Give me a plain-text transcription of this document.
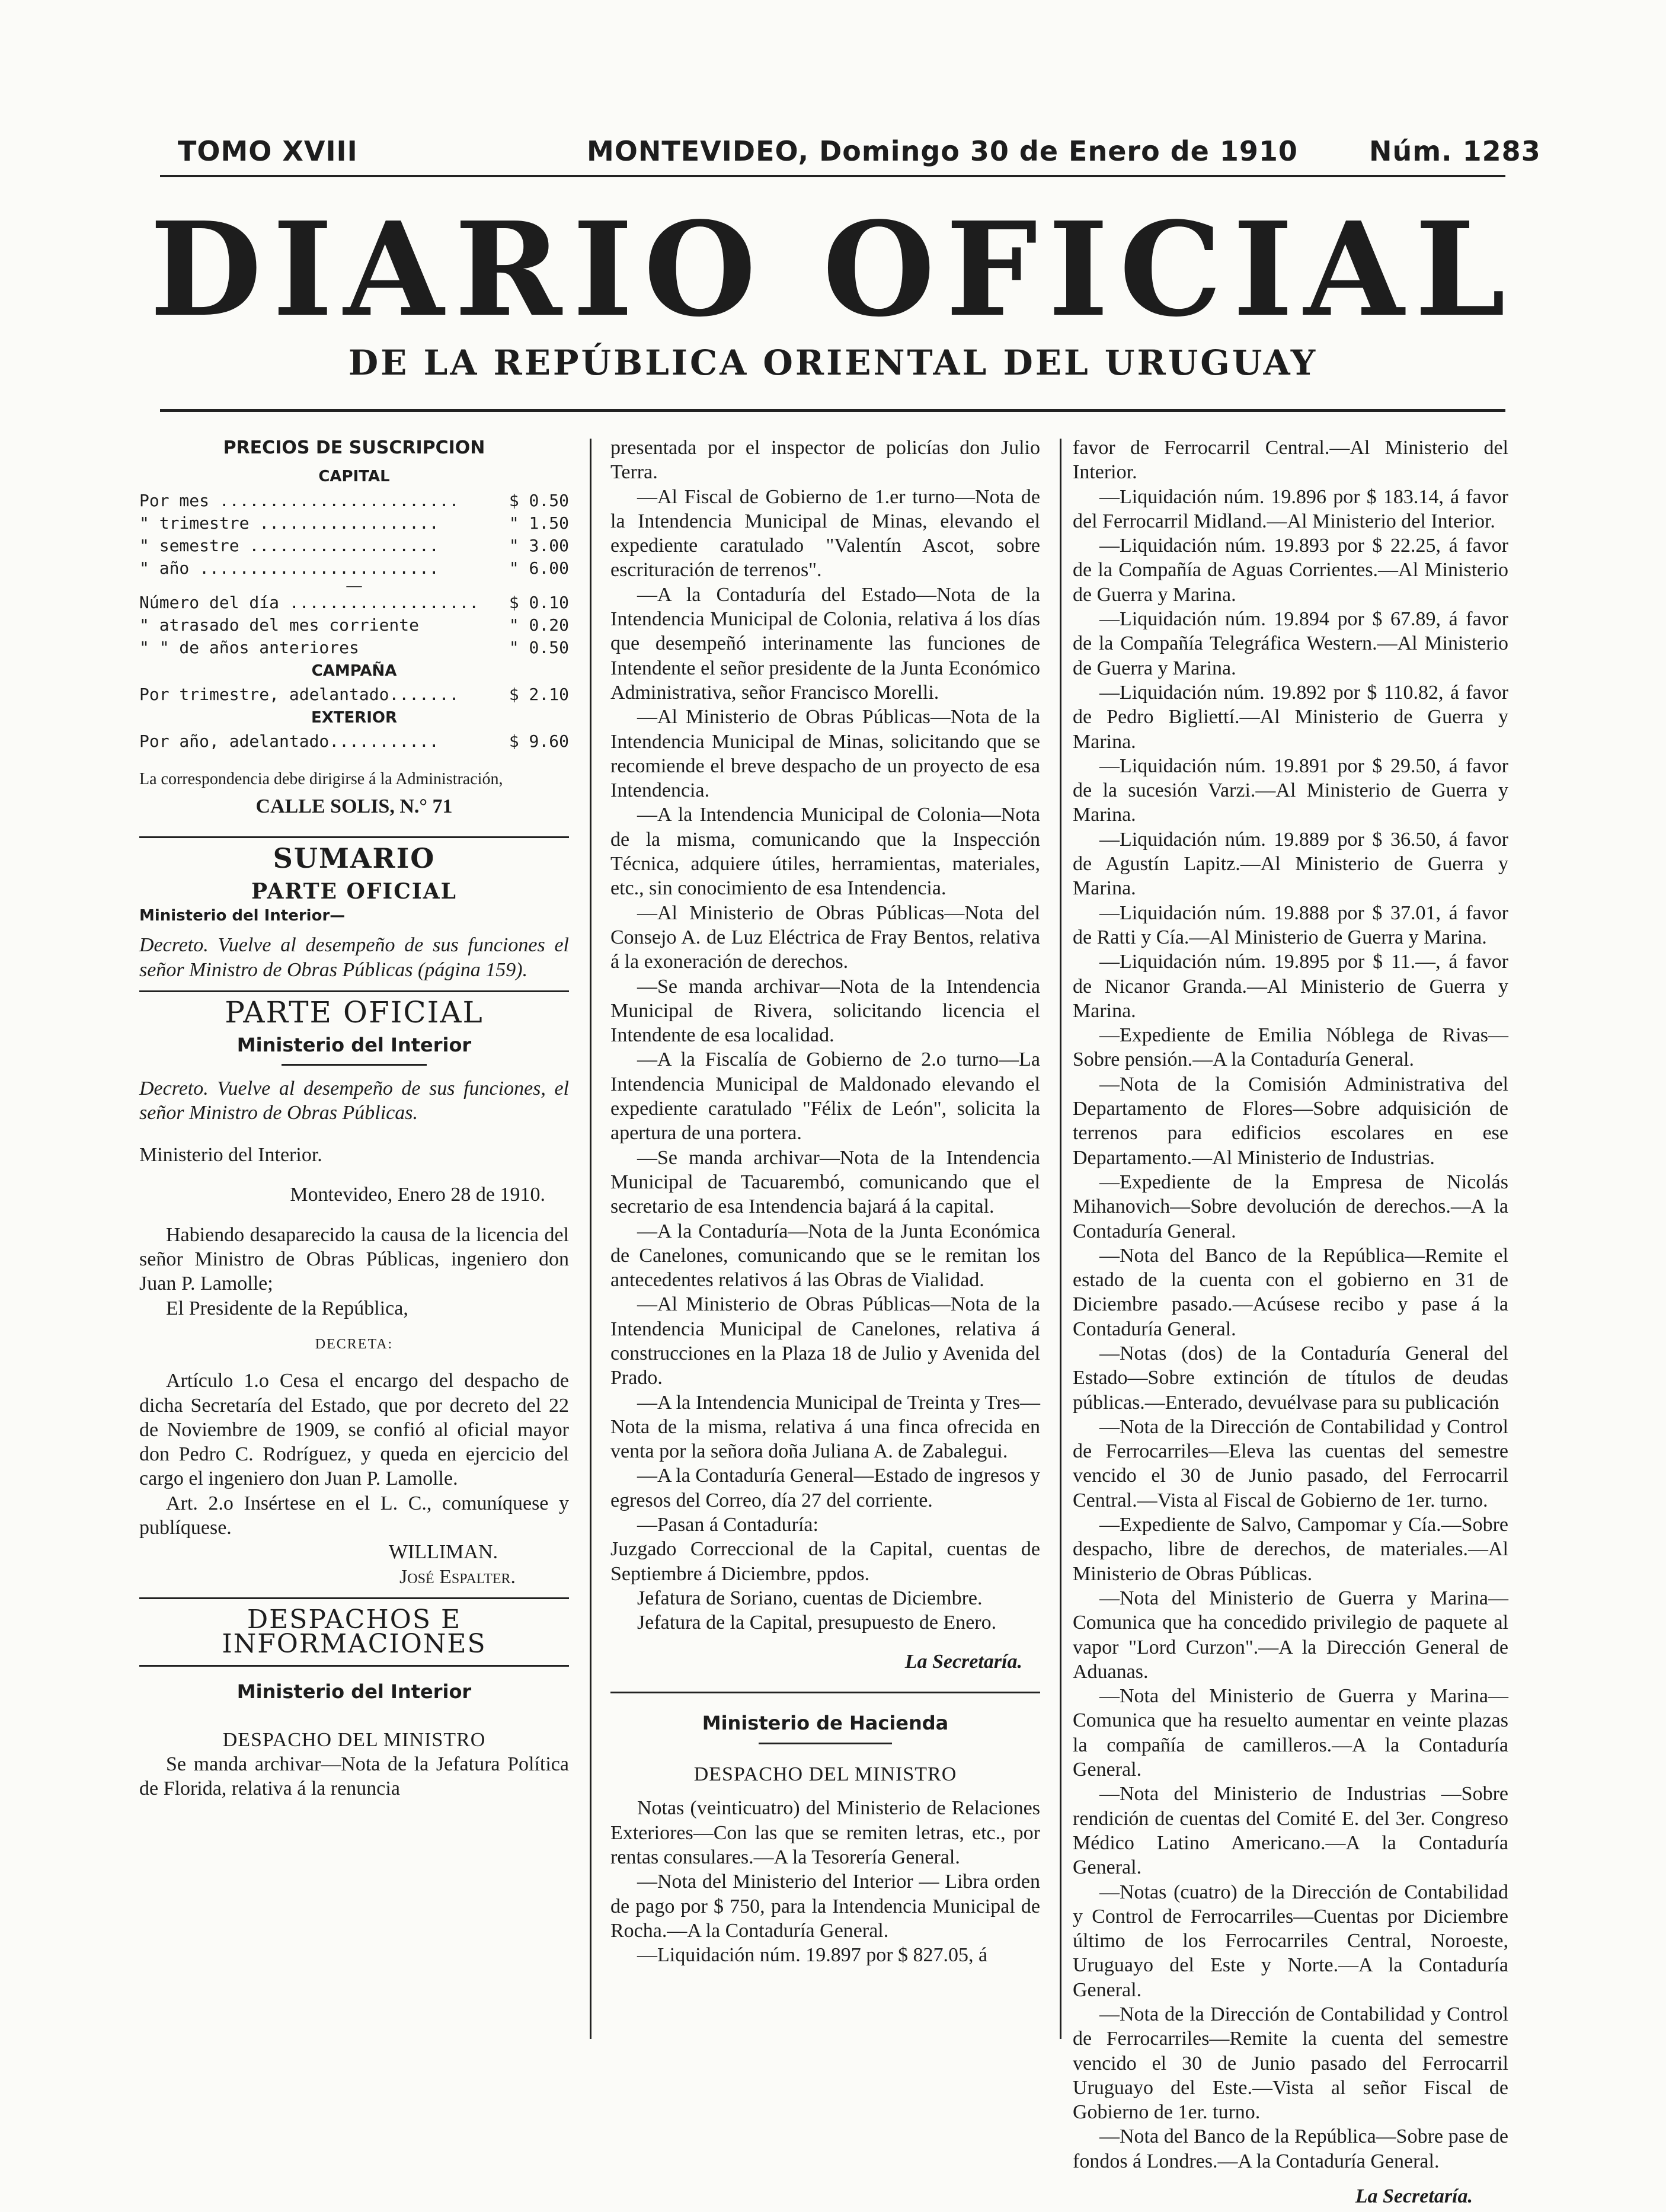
TOMO XVIII	MONTEVIDEO, Domingo 30 de Enero de 1910	Núm. 1283
DIARIO OFICIAL
DE LA REPÚBLICA ORIENTAL DEL URUGUAY
PRECIOS DE SUSCRIPCION
CAPITAL
Por mes ........................	$ 0.50
" trimestre ..................	" 1.50
" semestre ...................	" 3.00
" año ........................	" 6.00
—
Número del día ................... $ 0.10
" atrasado del mes corriente	" 0.20
" " de años anteriores	" 0.50
CAMPAÑA
Por trimestre, adelantado.......	$ 2.10
EXTERIOR
Por año, adelantado...........	$ 9.60

La correspondencia debe dirigirse á la Administración,

CALLE SOLIS, N.° 71
SUMARIO
PARTE OFICIAL
Ministerio del Interior—

Decreto. Vuelve al desempeño de sus funciones el señor Ministro de Obras Públicas (página 159).

PARTE OFICIAL
Ministerio del Interior

Decreto. Vuelve al desempeño de sus funciones, el señor Ministro de Obras Públicas.

Ministerio del Interior.

Montevideo, Enero 28 de 1910.

Habiendo desaparecido la causa de la licencia del señor Ministro de Obras Públicas, ingeniero don Juan P. Lamolle;

El Presidente de la República,

DECRETA:

Artículo 1.o Cesa el encargo del despacho de dicha Secretaría del Estado, que por decreto del 22 de Noviembre de 1909, se confió al oficial mayor don Pedro C. Rodríguez, y queda en ejercicio del cargo el ingeniero don Juan P. Lamolle.

Art. 2.o Insértese en el L. C., comuníquese y publíquese.

WILLIMAN.
José Espalter.
DESPACHOS E INFORMACIONES
Ministerio del Interior
DESPACHO DEL MINISTRO

Se manda archivar—Nota de la Jefatura Política de Florida, relativa á la renuncia

presentada por el inspector de policías don Julio Terra.

—Al Fiscal de Gobierno de 1.er turno—Nota de la Intendencia Municipal de Minas, elevando el expediente caratulado "Valentín Ascot, sobre escrituración de terrenos".

—A la Contaduría del Estado—Nota de la Intendencia Municipal de Colonia, relativa á los días que desempeñó interinamente las funciones de Intendente el señor presidente de la Junta Económico Administrativa, señor Francisco Morelli.

—Al Ministerio de Obras Públicas—Nota de la Intendencia Municipal de Minas, solicitando que se recomiende el breve despacho de un proyecto de esa Intendencia.

—A la Intendencia Municipal de Colonia—Nota de la misma, comunicando que la Inspección Técnica, adquiere útiles, herramientas, materiales, etc., sin conocimiento de esa Intendencia.

—Al Ministerio de Obras Públicas—Nota del Consejo A. de Luz Eléctrica de Fray Bentos, relativa á la exoneración de derechos.

—Se manda archivar—Nota de la Intendencia Municipal de Rivera, solicitando licencia el Intendente de esa localidad.

—A la Fiscalía de Gobierno de 2.o turno—La Intendencia Municipal de Maldonado elevando el expediente caratulado "Félix de León", solicita la apertura de una portera.

—Se manda archivar—Nota de la Intendencia Municipal de Tacuarembó, comunicando que el secretario de esa Intendencia bajará á la capital.

—A la Contaduría—Nota de la Junta Económica de Canelones, comunicando que se le remitan los antecedentes relativos á las Obras de Vialidad.

—Al Ministerio de Obras Públicas—Nota de la Intendencia Municipal de Canelones, relativa á construcciones en la Plaza 18 de Julio y Avenida del Prado.

—A la Intendencia Municipal de Treinta y Tres—Nota de la misma, relativa á una finca ofrecida en venta por la señora doña Juliana A. de Zabalegui.

—A la Contaduría General—Estado de ingresos y egresos del Correo, día 27 del corriente.

—Pasan á Contaduría:

Juzgado Correccional de la Capital, cuentas de Septiembre á Diciembre, ppdos.

Jefatura de Soriano, cuentas de Diciembre.

Jefatura de la Capital, presupuesto de Enero.

La Secretaría.
Ministerio de Hacienda
DESPACHO DEL MINISTRO

Notas (veinticuatro) del Ministerio de Relaciones Exteriores—Con las que se remiten letras, etc., por rentas consulares.—A la Tesorería General.

—Nota del Ministerio del Interior — Libra orden de pago por $ 750, para la Intendencia Municipal de Rocha.—A la Contaduría General.

—Liquidación núm. 19.897 por $ 827.05, á

favor de Ferrocarril Central.—Al Ministerio del Interior.

—Liquidación núm. 19.896 por $ 183.14, á favor del Ferrocarril Midland.—Al Ministerio del Interior.

—Liquidación núm. 19.893 por $ 22.25, á favor de la Compañía de Aguas Corrientes.—Al Ministerio de Guerra y Marina.

—Liquidación núm. 19.894 por $ 67.89, á favor de la Compañía Telegráfica Western.—Al Ministerio de Guerra y Marina.

—Liquidación núm. 19.892 por $ 110.82, á favor de Pedro Bigliettí.—Al Ministerio de Guerra y Marina.

—Liquidación núm. 19.891 por $ 29.50, á favor de la sucesión Varzi.—Al Ministerio de Guerra y Marina.

—Liquidación núm. 19.889 por $ 36.50, á favor de Agustín Lapitz.—Al Ministerio de Guerra y Marina.

—Liquidación núm. 19.888 por $ 37.01, á favor de Ratti y Cía.—Al Ministerio de Guerra y Marina.

—Liquidación núm. 19.895 por $ 11.—, á favor de Nicanor Granda.—Al Ministerio de Guerra y Marina.

—Expediente de Emilia Nóblega de Rivas—Sobre pensión.—A la Contaduría General.

—Nota de la Comisión Administrativa del Departamento de Flores—Sobre adquisición de terrenos para edificios escolares en ese Departamento.—Al Ministerio de Industrias.

—Expediente de la Empresa de Nicolás Mihanovich—Sobre devolución de derechos.—A la Contaduría General.

—Nota del Banco de la República—Remite el estado de la cuenta con el gobierno en 31 de Diciembre pasado.—Acúsese recibo y pase á la Contaduría General.

—Notas (dos) de la Contaduría General del Estado—Sobre extinción de títulos de deudas públicas.—Enterado, devuélvase para su publicación

—Nota de la Dirección de Contabilidad y Control de Ferrocarriles—Eleva las cuentas del semestre vencido el 30 de Junio pasado, del Ferrocarril Central.—Vista al Fiscal de Gobierno de 1er. turno.

—Expediente de Salvo, Campomar y Cía.—Sobre despacho, libre de derechos, de materiales.—Al Ministerio de Obras Públicas.

—Nota del Ministerio de Guerra y Marina—Comunica que ha concedido privilegio de paquete al vapor "Lord Curzon".—A la Dirección General de Aduanas.

—Nota del Ministerio de Guerra y Marina—Comunica que ha resuelto aumentar en veinte plazas la compañía de camilleros.—A la Contaduría General.

—Nota del Ministerio de Industrias —Sobre rendición de cuentas del Comité E. del 3er. Congreso Médico Latino Americano.—A la Contaduría General.

—Notas (cuatro) de la Dirección de Contabilidad y Control de Ferrocarriles—Cuentas por Diciembre último de los Ferrocarriles Central, Noroeste, Uruguayo del Este y Norte.—A la Contaduría General.

—Nota de la Dirección de Contabilidad y Control de Ferrocarriles—Remite la cuenta del semestre vencido el 30 de Junio pasado del Ferrocarril Uruguayo del Este.—Vista al señor Fiscal de Gobierno de 1er. turno.

—Nota del Banco de la República—Sobre pase de fondos á Londres.—A la Contaduría General.

La Secretaría.
